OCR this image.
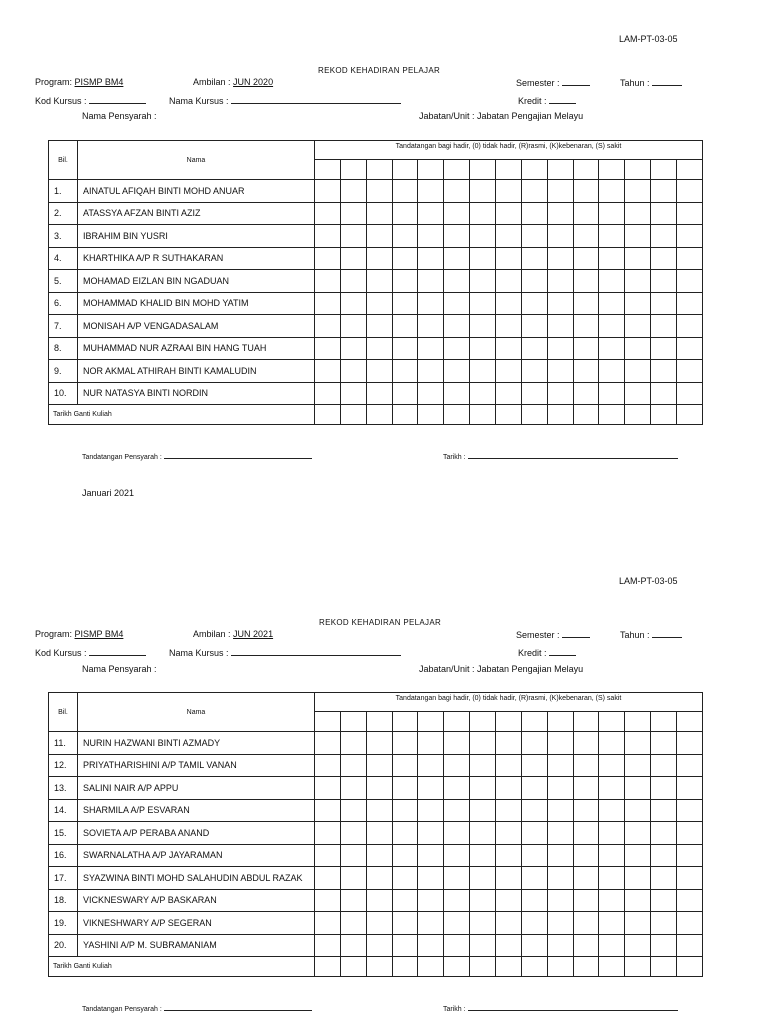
LAM-PT-03-05
REKOD KEHADIRAN PELAJAR
Program: PISMP BM4	Ambilan : JUN 2020	Semester :	Tahun :
Kod Kursus :	Nama Kursus :	Kredit :
Nama Pensyarah :	Jabatan/Unit : Jabatan Pengajian Melayu
Bil.	Nama	Tandatangan bagi hadir, (0) tidak hadir, (R)rasmi, (K)kebenaran, (S) sakit														

1.	AINATUL AFIQAH BINTI MOHD ANUAR															
2.	ATASSYA AFZAN BINTI AZIZ															
3.	IBRAHIM BIN YUSRI															
4.	KHARTHIKA A/P R SUTHAKARAN															
5.	MOHAMAD EIZLAN BIN NGADUAN															
6.	MOHAMMAD KHALID BIN MOHD YATIM															
7.	MONISAH A/P VENGADASALAM															
8.	MUHAMMAD NUR AZRAAI BIN HANG TUAH															
9.	NOR AKMAL ATHIRAH BINTI KAMALUDIN															
10.	NUR NATASYA BINTI NORDIN															
Tarikh Ganti Kuliah																
Tandatangan Pensyarah :	Tarikh :
Januari 2021
LAM-PT-03-05
REKOD KEHADIRAN PELAJAR
Program: PISMP BM4	Ambilan : JUN 2021	Semester :	Tahun :
Kod Kursus :	Nama Kursus :	Kredit :
Nama Pensyarah :	Jabatan/Unit : Jabatan Pengajian Melayu
Bil.	Nama	Tandatangan bagi hadir, (0) tidak hadir, (R)rasmi, (K)kebenaran, (S) sakit														

11.	NURIN HAZWANI BINTI AZMADY															
12.	PRIYATHARISHINI A/P TAMIL VANAN															
13.	SALINI NAIR A/P APPU															
14.	SHARMILA A/P ESVARAN															
15.	SOVIETA A/P PERABA ANAND															
16.	SWARNALATHA A/P JAYARAMAN															
17.	SYAZWINA BINTI MOHD SALAHUDIN ABDUL RAZAK															
18.	VICKNESWARY A/P BASKARAN															
19.	VIKNESHWARY A/P SEGERAN															
20.	YASHINI A/P M. SUBRAMANIAM															
Tarikh Ganti Kuliah																
Tandatangan Pensyarah :	Tarikh :
